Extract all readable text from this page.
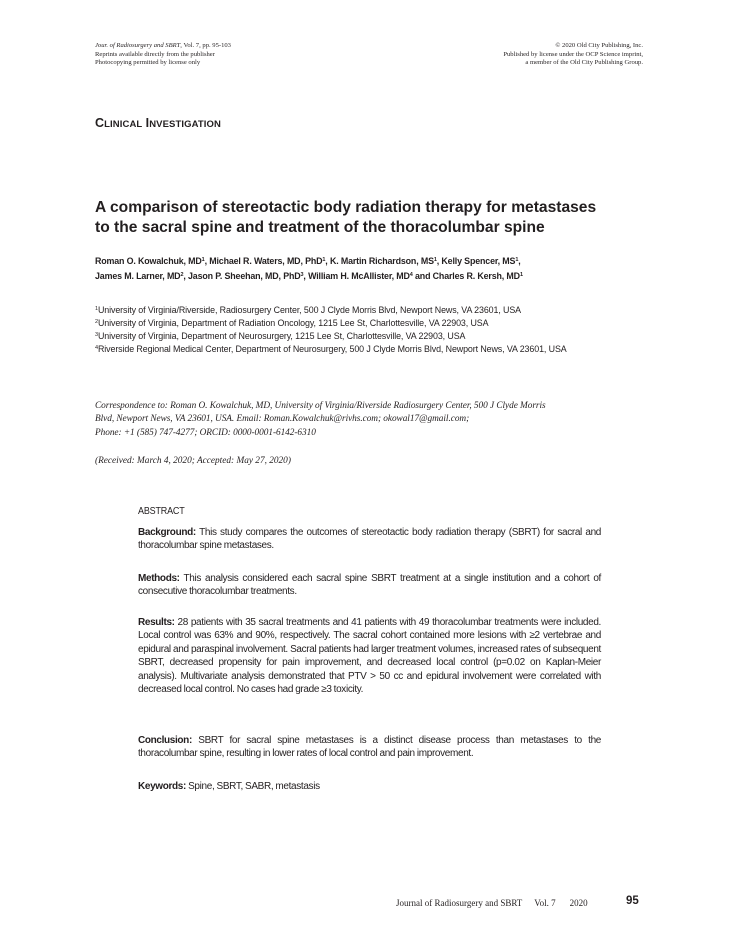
Jour. of Radiosurgery and SBRT, Vol. 7, pp. 95-103
Reprints available directly from the publisher
Photocopying permitted by license only
© 2020 Old City Publishing, Inc.
Published by license under the OCP Science imprint,
a member of the Old City Publishing Group.
CLINICAL INVESTIGATION
A comparison of stereotactic body radiation therapy for metastases
to the sacral spine and treatment of the thoracolumbar spine
Roman O. Kowalchuk, $MD^1$, Michael R. Waters, MD, PhD$^1$, K. Martin Richardson, $MS^1$, Kelly Spencer, $MS^1$,
James M. Larner, $MD^2$, Jason P. Sheehan, MD, PhD$^3$, William H. McAllister, $MD^4$ and Charles R. Kersh, $MD^1$
$^1$University of Virginia/Riverside, Radiosurgery Center, 500 J Clyde Morris Blvd, Newport News, VA 23601, USA
$^2$University of Virginia, Department of Radiation Oncology, 1215 Lee St, Charlottesville, VA 22903, USA
$^3$University of Virginia, Department of Neurosurgery, 1215 Lee St, Charlottesville, VA 22903, USA
$^4$Riverside Regional Medical Center, Department of Neurosurgery, 500 J Clyde Morris Blvd, Newport News, VA 23601, USA
Correspondence to: Roman O. Kowalchuk, MD, University of Virginia/Riverside Radiosurgery Center, 500 J Clyde Morris
Blvd, Newport News, VA 23601, USA. Email: Roman.Kowalchuk@rivhs.com; okowal17@gmail.com;
Phone: +1 (585) 747-4277; ORCID: 0000-0001-6142-6310
(Received: March 4, 2020; Accepted: May 27, 2020)
ABSTRACT
Background: This study compares the outcomes of stereotactic body radiation therapy (SBRT) for sacral and thoracolumbar spine metastases.
Methods: This analysis considered each sacral spine SBRT treatment at a single institution and a cohort of consecutive thoracolumbar treatments.
Results: 28 patients with 35 sacral treatments and 41 patients with 49 thoracolumbar treatments were included. Local control was 63% and 90%, respectively. The sacral cohort contained more lesions with ≥2 vertebrae and epidural and paraspinal involvement. Sacral patients had larger treatment volumes, increased rates of subsequent SBRT, decreased propensity for pain improvement, and decreased local control (p=0.02 on Kaplan-Meier analysis). Multivariate analysis demonstrated that PTV > 50 cc and epidural involvement were correlated with decreased local control. No cases had grade ≥3 toxicity.
Conclusion: SBRT for sacral spine metastases is a distinct disease process than metastases to the thoracolumbar spine, resulting in lower rates of local control and pain improvement.
Keywords: Spine, SBRT, SABR, metastasis
Journal of Radiosurgery and SBRT Vol. 7 2020	95
